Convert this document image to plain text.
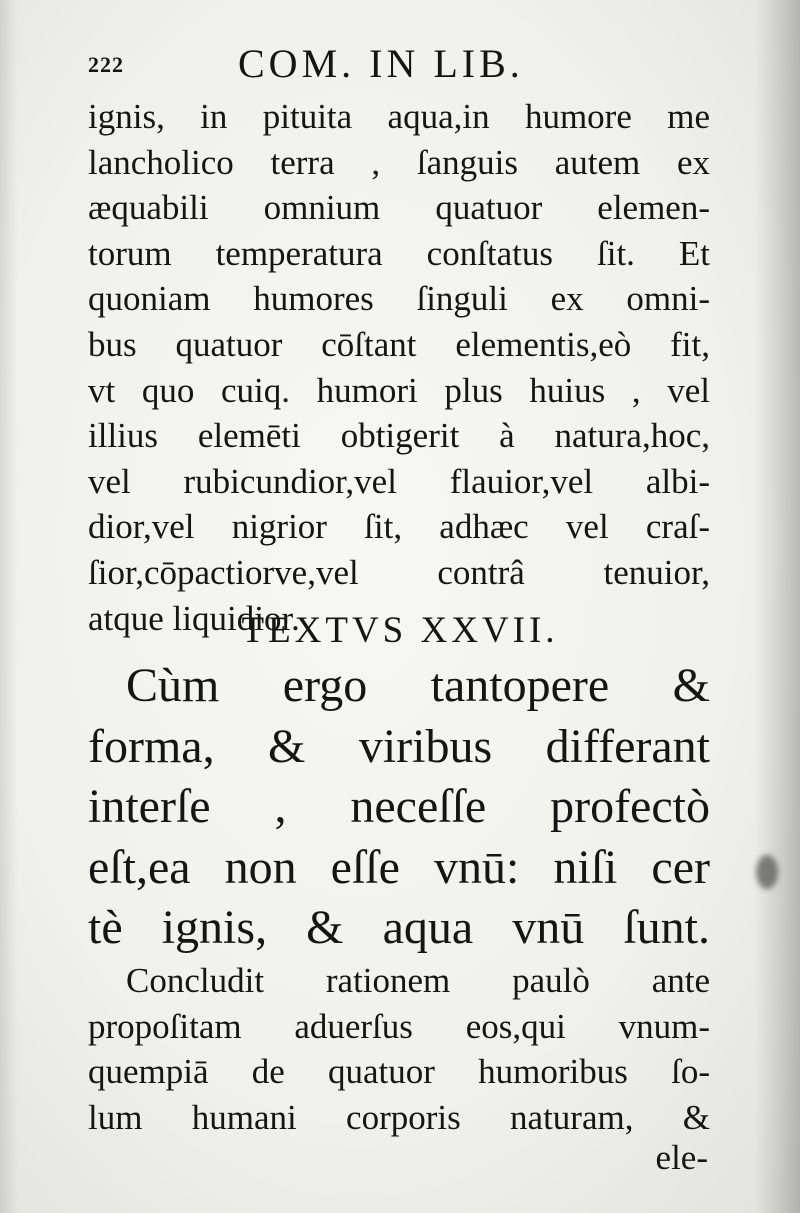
222	COM. IN LIB.
ignis, in pituita aqua,in humore me
lancholico terra , ſanguis autem ex
æquabili omnium quatuor elemen-
torum temperatura conſtatus ſit. Et
quoniam humores ſinguli ex omni-
bus quatuor cōſtant elementis,eò fit,
vt quo cuiq. humori plus huius , vel
illius elemēti obtigerit à natura,hoc,
vel rubicundior,vel flauior,vel albi-
dior,vel nigrior ſit, adhæc vel craſ-
ſior,cōpactiorve,vel contrâ tenuior,
atque liquidior.
TEXTVS XXVII.
Cùm ergo tantopere &
forma, & viribus differant
interſe , neceſſe profectò
eſt,ea non eſſe vnū: niſi cer
tè ignis, & aqua vnū ſunt.
Concludit rationem paulò ante
propoſitam aduerſus eos,qui vnum-
quempiā de quatuor humoribus ſo-
lum humani corporis naturam, &
ele-
